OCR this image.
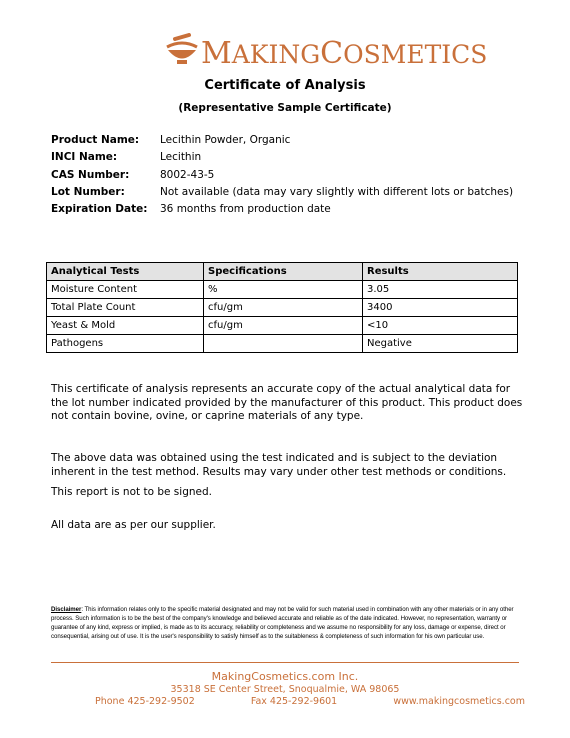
MAKINGCOSMETICS
Certificate of Analysis
(Representative Sample Certificate)
Product Name:	Lecithin Powder, Organic
INCI Name:	Lecithin
CAS Number:	8002-43-5
Lot Number:	Not available (data may vary slightly with different lots or batches)
Expiration Date:	36 months from production date
Analytical Tests	Specifications	Results
Moisture Content	%	3.05
Total Plate Count	cfu/gm	3400
Yeast & Mold	cfu/gm	<10
Pathogens		Negative
This certificate of analysis represents an accurate copy of the actual analytical data for the lot number indicated provided by the manufacturer of this product. This product does not contain bovine, ovine, or caprine materials of any type.
The above data was obtained using the test indicated and is subject to the deviation inherent in the test method. Results may vary under other test methods or conditions.
This report is not to be signed.
All data are as per our supplier.
Disclaimer: This information relates only to the specific material designated and may not be valid for such material used in combination with any other materials or in any other process. Such information is to be the best of the company's knowledge and believed accurate and reliable as of the date indicated. However, no representation, warranty or guarantee of any kind, express or implied, is made as to its accuracy, reliability or completeness and we assume no responsibility for any loss, damage or expense, direct or consequential, arising out of use. It is the user's responsibility to satisfy himself as to the suitableness & completeness of such information for his own particular use.
MakingCosmetics.com Inc.
35318 SE Center Street, Snoqualmie, WA 98065
Phone 425-292-9502	Fax 425-292-9601	www.makingcosmetics.com
